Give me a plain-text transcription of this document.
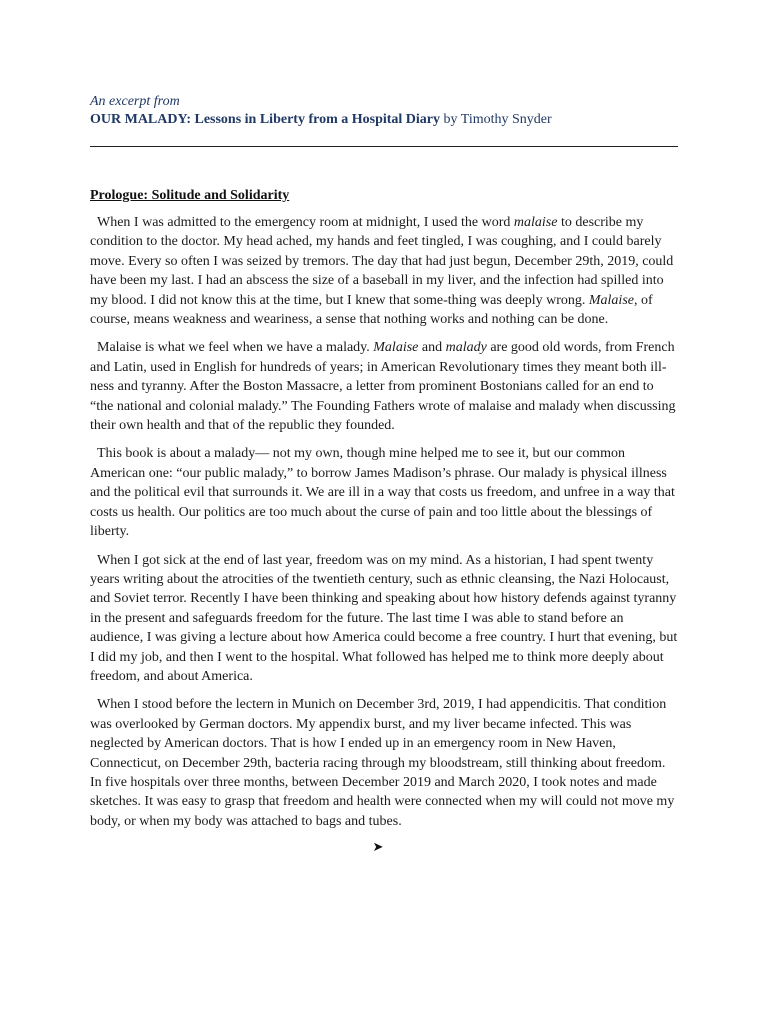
An excerpt from

OUR MALADY: Lessons in Liberty from a Hospital Diary by Timothy Snyder

Prologue: Solitude and Solidarity

When I was admitted to the emergency room at midnight, I used the word malaise to describe my condition to the doctor. My head ached, my hands and feet tingled, I was coughing, and I could barely move. Every so often I was seized by tremors. The day that had just begun, December 29th, 2019, could have been my last. I had an abscess the size of a baseball in my liver, and the infection had spilled into my blood. I did not know this at the time, but I knew that some-thing was deeply wrong. Malaise, of course, means weakness and weariness, a sense that nothing works and nothing can be done.

Malaise is what we feel when we have a malady. Malaise and malady are good old words, from French and Latin, used in English for hundreds of years; in American Revolutionary times they meant both ill-ness and tyranny. After the Boston Massacre, a letter from prominent Bostonians called for an end to “the national and colonial malady.” The Founding Fathers wrote of malaise and malady when discussing their own health and that of the republic they founded.

This book is about a malady— not my own, though mine helped me to see it, but our common American one: “our public malady,” to borrow James Madison’s phrase. Our malady is physical illness and the political evil that surrounds it. We are ill in a way that costs us freedom, and unfree in a way that costs us health. Our politics are too much about the curse of pain and too little about the blessings of liberty.

When I got sick at the end of last year, freedom was on my mind. As a historian, I had spent twenty years writing about the atrocities of the twentieth century, such as ethnic cleansing, the Nazi Holocaust, and Soviet terror. Recently I have been thinking and speaking about how history defends against tyranny in the present and safeguards freedom for the future. The last time I was able to stand before an audience, I was giving a lecture about how America could become a free country. I hurt that evening, but I did my job, and then I went to the hospital. What followed has helped me to think more deeply about freedom, and about America.

When I stood before the lectern in Munich on December 3rd, 2019, I had appendicitis. That condition was overlooked by German doctors. My appendix burst, and my liver became infected. This was neglected by American doctors. That is how I ended up in an emergency room in New Haven, Connecticut, on December 29th, bacteria racing through my bloodstream, still thinking about freedom. In five hospitals over three months, between December 2019 and March 2020, I took notes and made sketches. It was easy to grasp that freedom and health were connected when my will could not move my body, or when my body was attached to bags and tubes.

➤
